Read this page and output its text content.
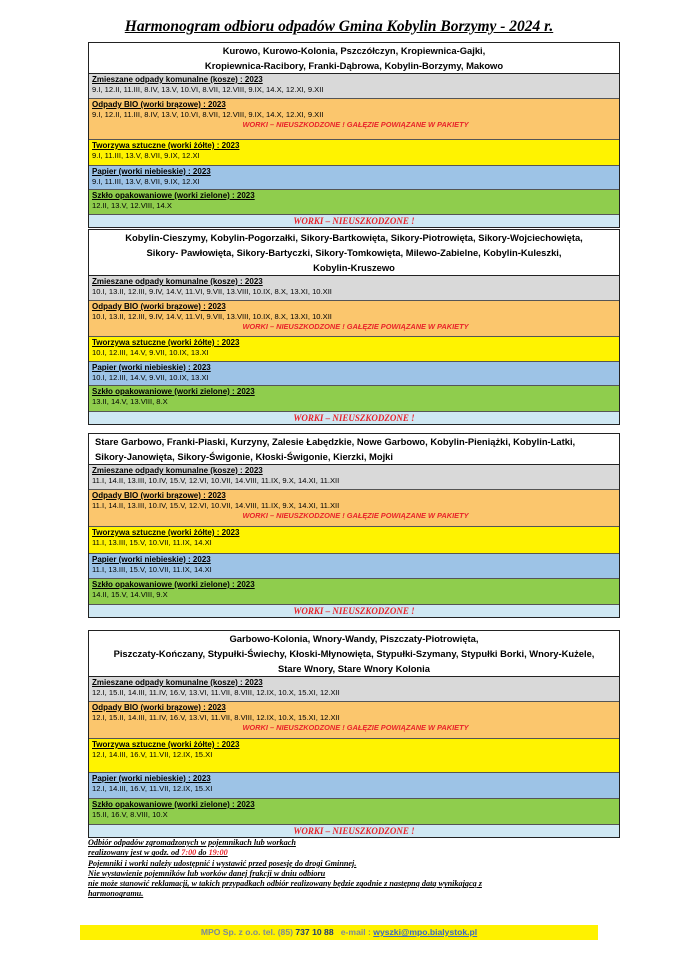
Harmonogram odbioru odpadów Gmina Kobylin Borzymy - 2024 r.
Kurowo, Kurowo-Kolonia, Pszczółczyn, Kropiewnica-Gajki,
Kropiewnica-Racibory, Franki-Dąbrowa, Kobylin-Borzymy, Makowo
Zmieszane odpady komunalne (kosze) : 2023
9.I, 12.II, 11.III, 8.IV, 13.V, 10.VI, 8.VII, 12.VIII, 9.IX, 14.X, 12.XI, 9.XII
Odpady BIO (worki brązowe) : 2023
9.I, 12.II, 11.III, 8.IV, 13.V, 10.VI, 8.VII, 12.VIII, 9.IX, 14.X, 12.XI, 9.XII
WORKI – NIEUSZKODZONE ! GAŁĘZIE POWIĄZANE W PAKIETY
Tworzywa sztuczne (worki żółte) : 2023
9.I, 11.III, 13.V, 8.VII, 9.IX, 12.XI
Papier (worki niebieskie) : 2023
9.I, 11.III, 13.V, 8.VII, 9.IX, 12.XI
Szkło opakowaniowe (worki zielone) : 2023
12.II, 13.V, 12.VIII, 14.X
WORKI – NIEUSZKODZONE !
Kobylin-Cieszymy, Kobylin-Pogorzałki, Sikory-Bartkowięta, Sikory-Piotrowięta, Sikory-Wojciechowięta,
Sikory- Pawłowięta, Sikory-Bartyczki, Sikory-Tomkowięta, Milewo-Zabielne, Kobylin-Kuleszki,
Kobylin-Kruszewo
Zmieszane odpady komunalne (kosze) : 2023
10.I, 13.II, 12.III, 9.IV, 14.V, 11.VI, 9.VII, 13.VIII, 10.IX, 8.X, 13.XI, 10.XII
Odpady BIO (worki brązowe) : 2023
10.I, 13.II, 12.III, 9.IV, 14.V, 11.VI, 9.VII, 13.VIII, 10.IX, 8.X, 13.XI, 10.XII
WORKI – NIEUSZKODZONE ! GAŁĘZIE POWIĄZANE W PAKIETY
Tworzywa sztuczne (worki żółte) : 2023
10.I, 12.III, 14.V, 9.VII, 10.IX, 13.XI
Papier (worki niebieskie) : 2023
10.I, 12.III, 14.V, 9.VII, 10.IX, 13.XI
Szkło opakowaniowe (worki zielone) : 2023
13.II, 14.V, 13.VIII, 8.X
WORKI – NIEUSZKODZONE !
Stare Garbowo, Franki-Piaski, Kurzyny, Zalesie Łabędzkie, Nowe Garbowo, Kobylin-Pieniążki, Kobylin-Latki,
Sikory-Janowięta, Sikory-Świgonie, Kłoski-Świgonie, Kierzki, Mojki
Zmieszane odpady komunalne (kosze) : 2023
11.I, 14.II, 13.III, 10.IV, 15.V, 12.VI, 10.VII, 14.VIII, 11.IX, 9.X, 14.XI, 11.XII
Odpady BIO (worki brązowe) : 2023
11.I, 14.II, 13.III, 10.IV, 15.V, 12.VI, 10.VII, 14.VIII, 11.IX, 9.X, 14.XI, 11.XII
WORKI – NIEUSZKODZONE ! GAŁĘZIE POWIĄZANE W PAKIETY
Tworzywa sztuczne (worki żółte) : 2023
11.I, 13.III, 15.V, 10.VII, 11.IX, 14.XI
Papier (worki niebieskie) : 2023
11.I, 13.III, 15.V, 10.VII, 11.IX, 14.XI
Szkło opakowaniowe (worki zielone) : 2023
14.II, 15.V, 14.VIII, 9.X
WORKI – NIEUSZKODZONE !
Garbowo-Kolonia, Wnory-Wandy, Piszczaty-Piotrowięta,
Piszczaty-Kończany, Stypułki-Świechy, Kłoski-Młynowięta, Stypułki-Szymany, Stypułki Borki, Wnory-Kużele,
Stare Wnory, Stare Wnory Kolonia
Zmieszane odpady komunalne (kosze) : 2023
12.I, 15.II, 14.III, 11.IV, 16.V, 13.VI, 11.VII, 8.VIII, 12.IX, 10.X, 15.XI, 12.XII
Odpady BIO (worki brązowe) : 2023
12.I, 15.II, 14.III, 11.IV, 16.V, 13.VI, 11.VII, 8.VIII, 12.IX, 10.X, 15.XI, 12.XII
WORKI – NIEUSZKODZONE ! GAŁĘZIE POWIĄZANE W PAKIETY
Tworzywa sztuczne (worki żółte) : 2023
12.I, 14.III, 16.V, 11.VII, 12.IX, 15.XI
Papier (worki niebieskie) : 2023
12.I, 14.III, 16.V, 11.VII, 12.IX, 15.XI
Szkło opakowaniowe (worki zielone) : 2023
15.II, 16.V, 8.VIII, 10.X
WORKI – NIEUSZKODZONE !
Odbiór odpadów zgromadzonych w pojemnikach lub workach
realizowany jest w godz. od 7:00 do 19:00
Pojemniki i worki należy udostępnić i wystawić przed posesję do drogi Gminnej.
Nie wystawienie pojemników lub worków danej frakcji w dniu odbioru
nie może stanowić reklamacji, w takich przypadkach odbiór realizowany będzie zgodnie z następną datą wynikającą z
harmonogramu.
MPO Sp. z o.o. tel. (85) 737 10 88 e-mail : wyszki@mpo.bialystok.pl
